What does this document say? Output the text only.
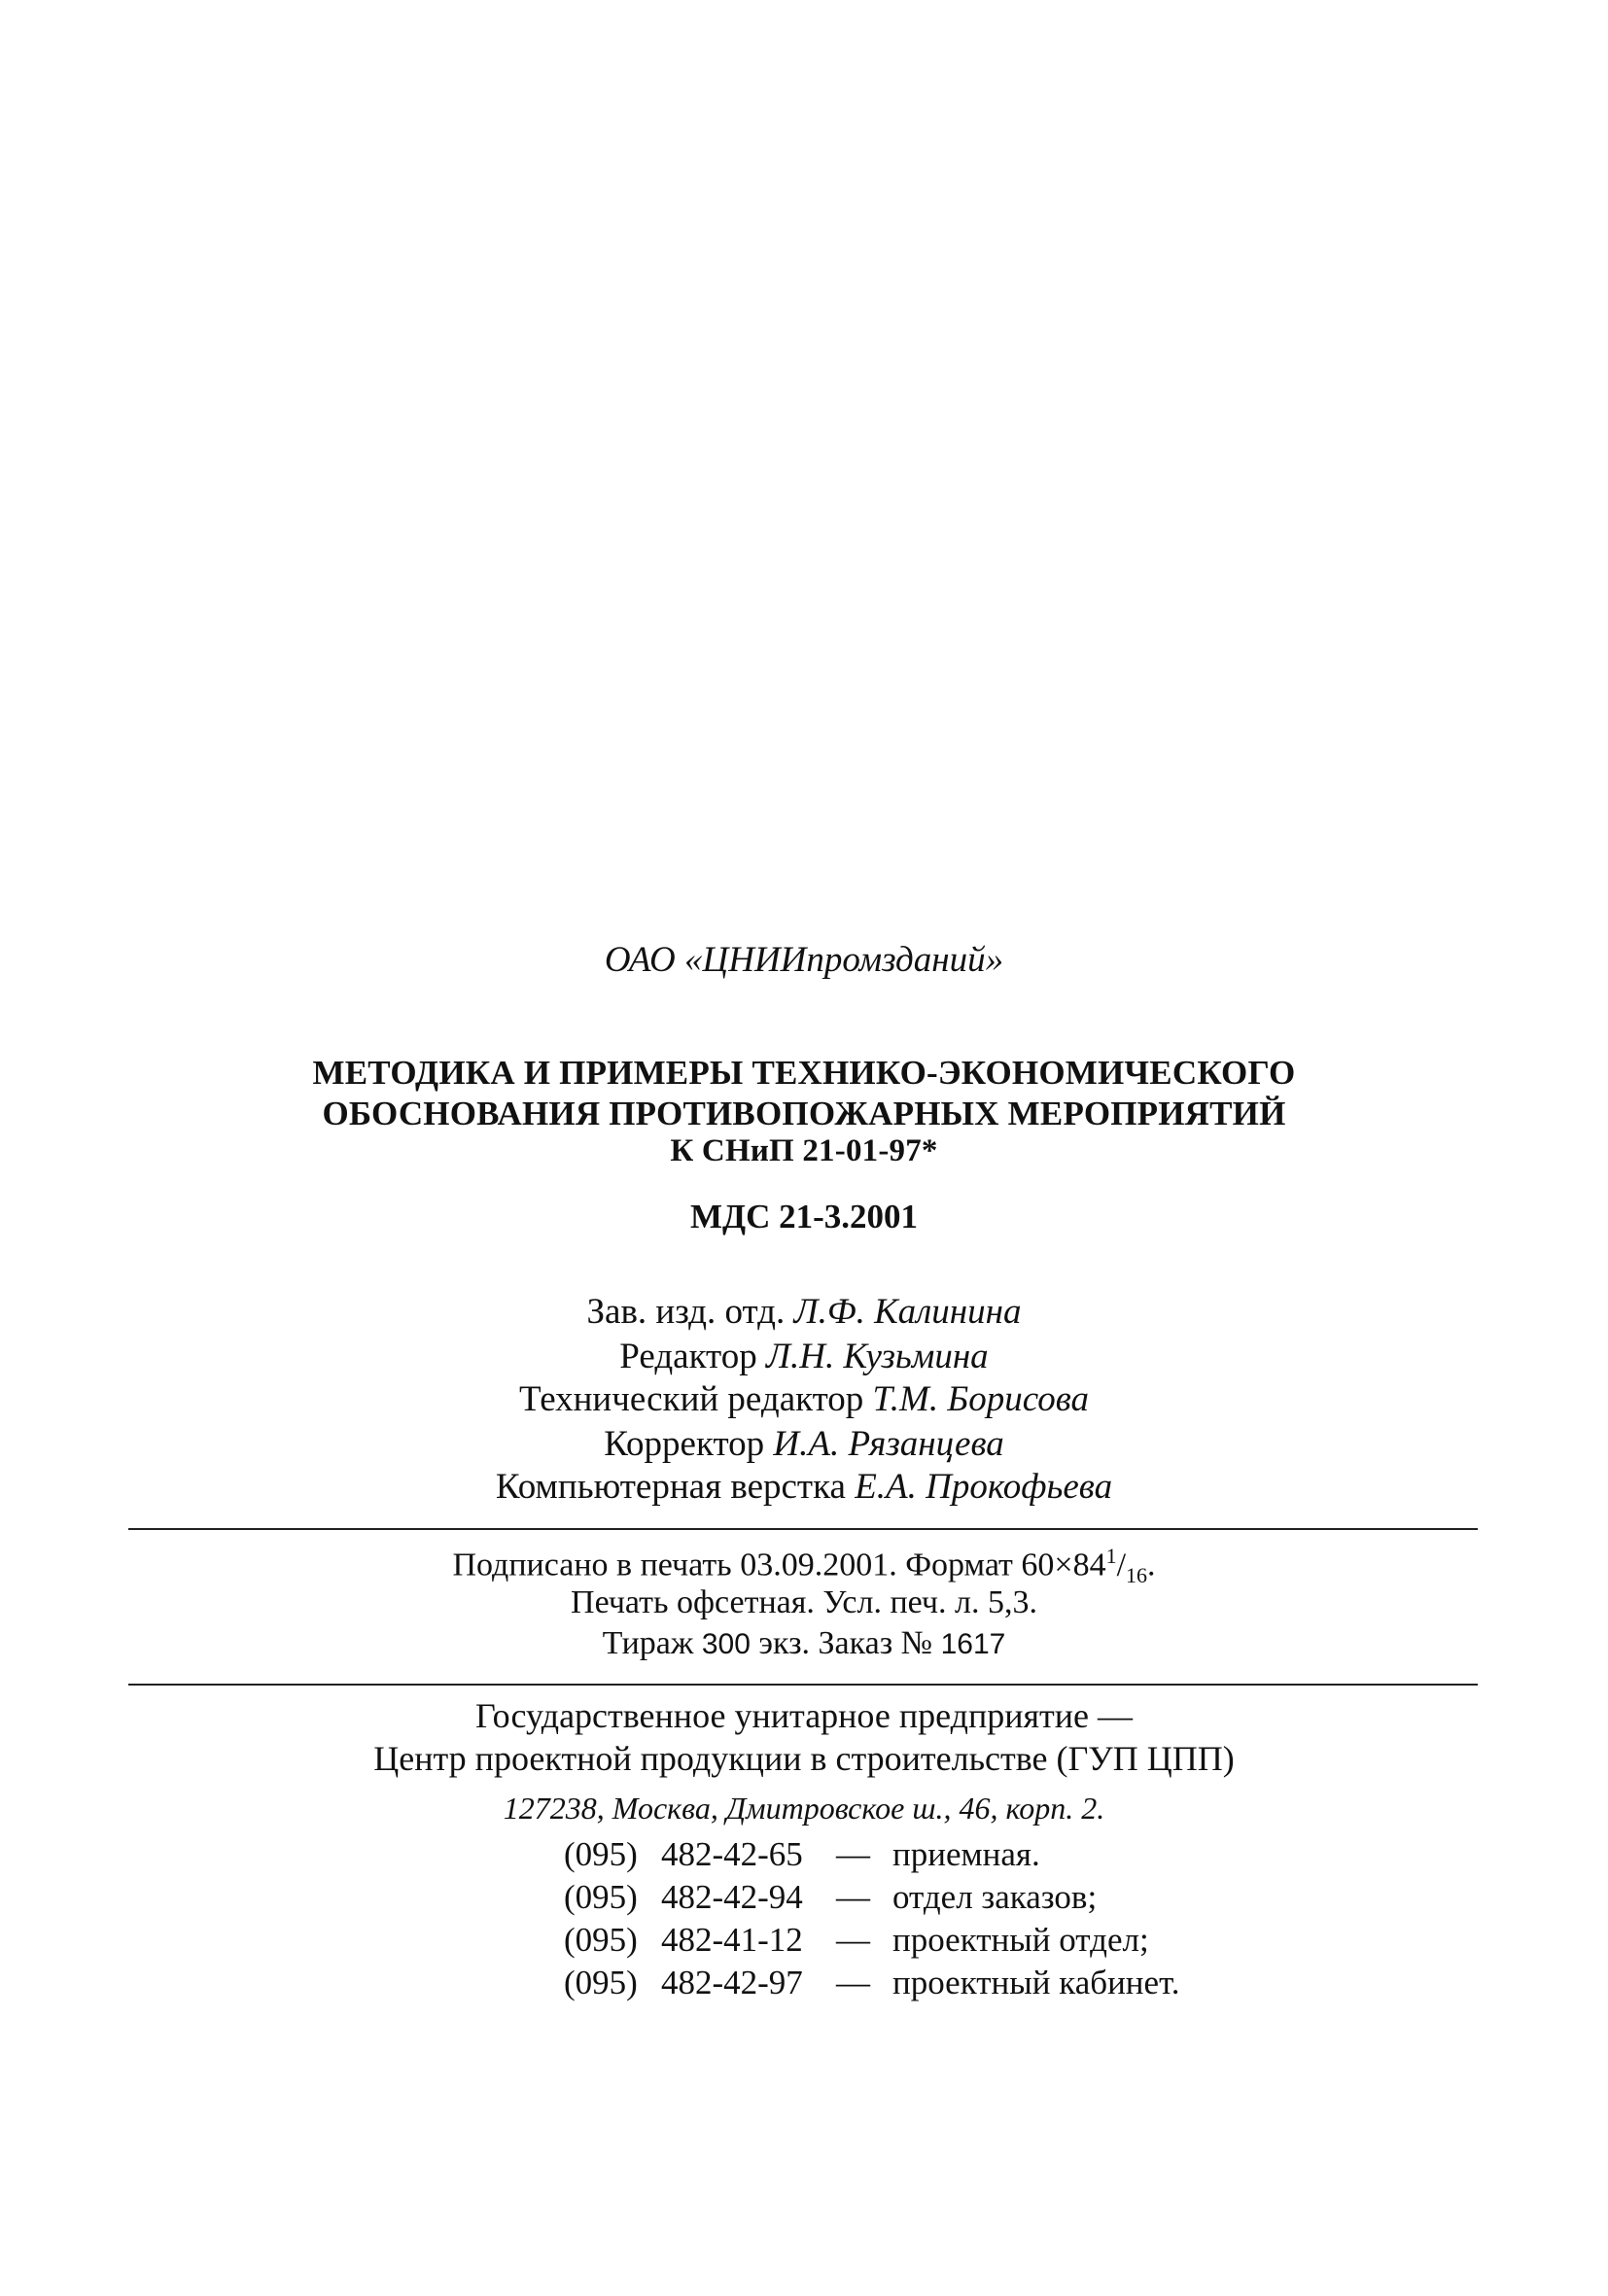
ОАО «ЦНИИпромзданий»
МЕТОДИКА И ПРИМЕРЫ ТЕХНИКО-ЭКОНОМИЧЕСКОГО
ОБОСНОВАНИЯ ПРОТИВОПОЖАРНЫХ МЕРОПРИЯТИЙ
К СНиП 21-01-97*
МДС 21-3.2001
Зав. изд. отд. Л.Ф. Калинина
Редактор Л.Н. Кузьмина
Технический редактор Т.М. Борисова
Корректор И.А. Рязанцева
Компьютерная верстка Е.А. Прокофьева
Подписано в печать 03.09.2001. Формат $60\times 84^1/_{16}$.
Печать офсетная. Усл. печ. л. 5,3.
Тираж 300 экз. Заказ № 1617
Государственное унитарное предприятие —
Центр проектной продукции в строительстве (ГУП ЦПП)
127238, Москва, Дмитровское ш., 46, корп. 2.
(095) 482-42-65 — приемная.
(095) 482-42-94 — отдел заказов;
(095) 482-41-12 — проектный отдел;
(095) 482-42-97 — проектный кабинет.
